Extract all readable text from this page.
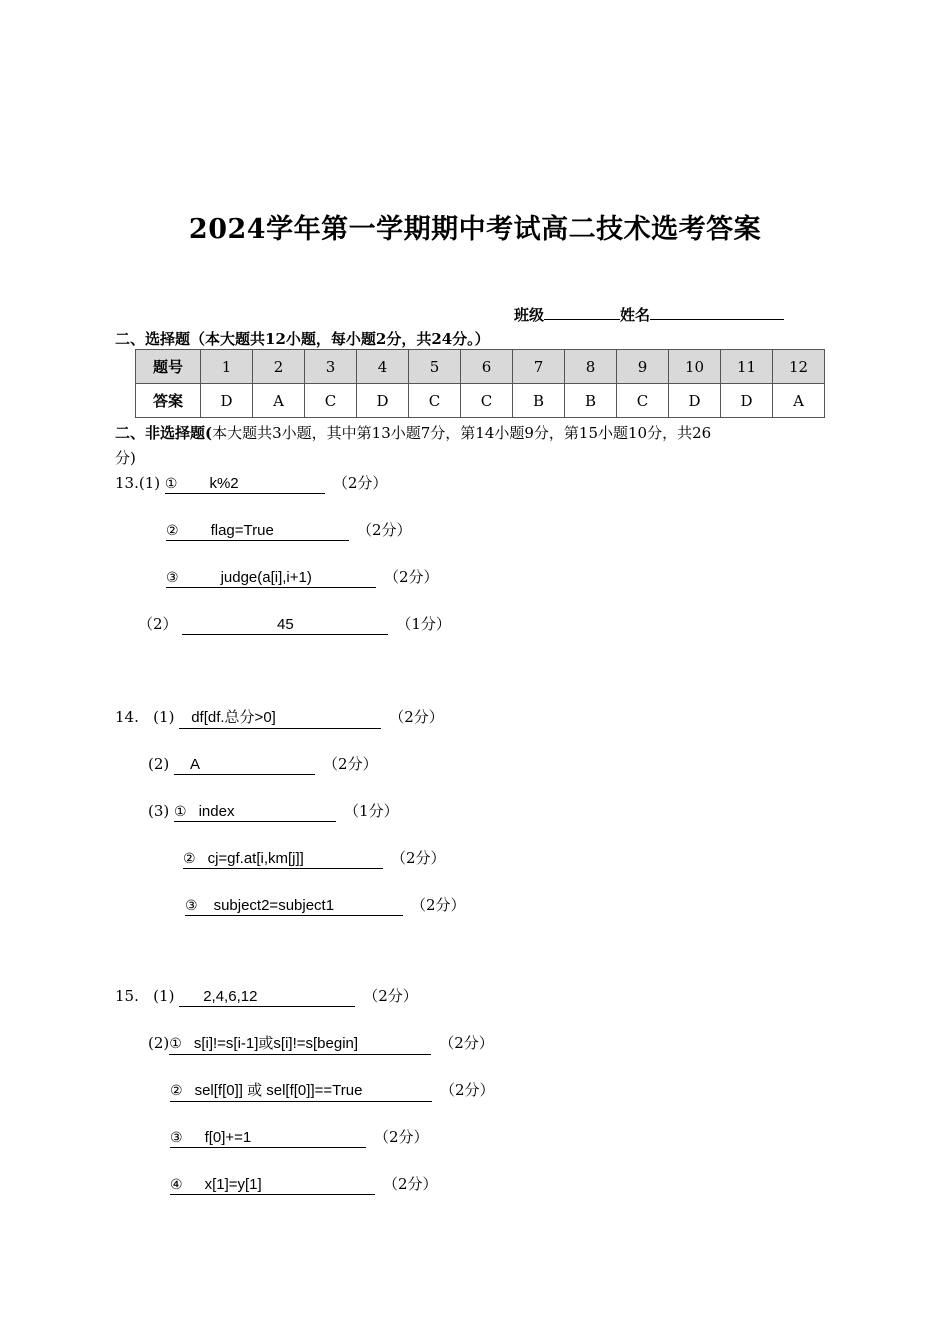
2024学年第一学期期中考试高二技术选考答案
班级	姓名
二、选择题（本大题共12小题，每小题2分，共24分。）
题号	1	2	3	4	5	6	7	8	9	10	11	12
答案	D	A	C	D	C	C	B	B	C	D	D	A
二、非选择题(本大题共3小题，其中第13小题7分，第14小题9分，第15小题10分，共26
分)
13.(1) ① k%2	（2分）
② flag=True	（2分）
③	judge(a[i],i+1)	（2分）
（2）	45	（1分）
14. (1) df[df.总分>0]	（2分）
(2) A	（2分）
(3) ① index	（1分）
② cj=gf.at[i,km[j]]	（2分）
③ subject2=subject1	（2分）
15. (1) 2,4,6,12	（2分）
(2)① s[i]!=s[i-1]或s[i]!=s[begin]	（2分）
② sel[f[0]] 或 sel[f[0]]==True	（2分）
③ f[0]+=1	（2分）
④ x[1]=y[1]	（2分）
